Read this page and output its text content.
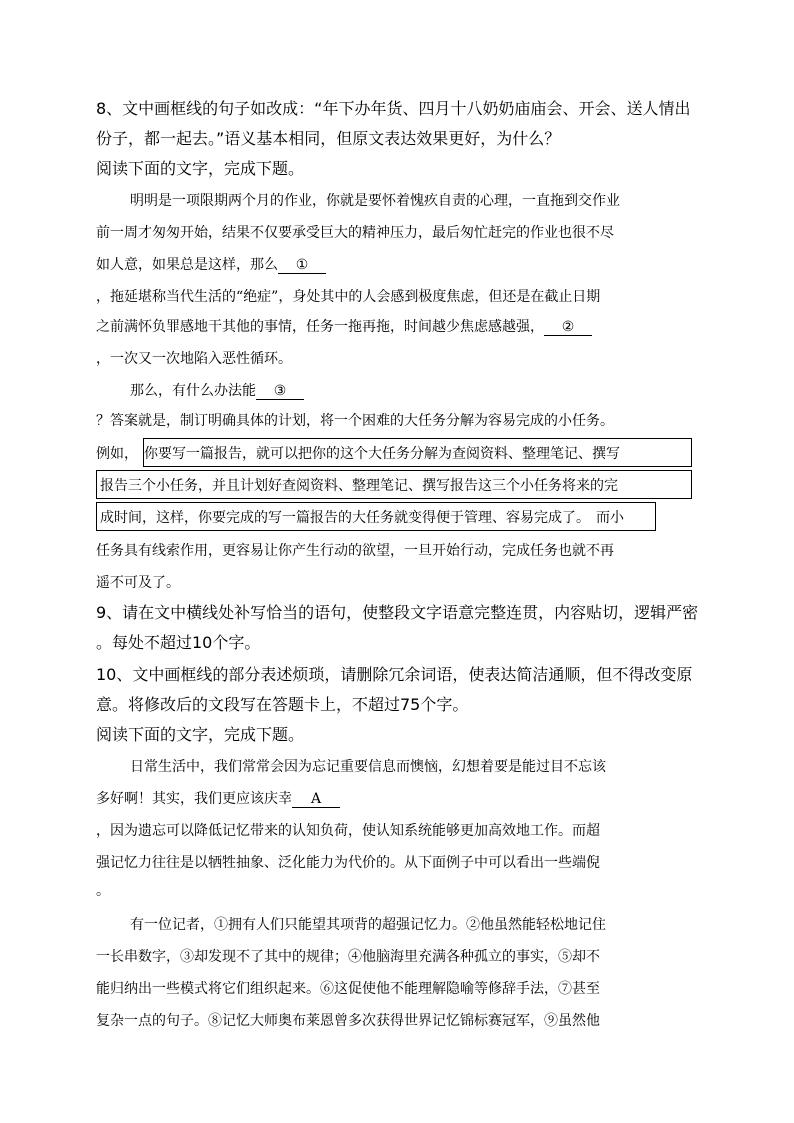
8、文中画框线的句子如改成：“年下办年货、四月十八奶奶庙庙会、开会、送人情出
份子，都一起去。”语义基本相同，但原文表达效果更好，为什么？
阅读下面的文字，完成下题。
明明是一项限期两个月的作业，你就是要怀着愧疚自责的心理，一直拖到交作业
前一周才匆匆开始，结果不仅要承受巨大的精神压力，最后匆忙赶完的作业也很不尽
如人意，如果总是这样，那么 ①
，拖延堪称当代生活的“绝症”，身处其中的人会感到极度焦虑，但还是在截止日期
之前满怀负罪感地干其他的事情，任务一拖再拖，时间越少焦虑感越强， ②
，一次又一次地陷入恶性循环。
那么，有什么办法能 ③
？答案就是，制订明确具体的计划，将一个困难的大任务分解为容易完成的小任务。
例如， 你要写一篇报告，就可以把你的这个大任务分解为查阅资料、整理笔记、撰写
报告三个小任务，并且计划好查阅资料、整理笔记、撰写报告这三个小任务将来的完
成时间，这样，你要完成的写一篇报告的大任务就变得便于管理、容易完成了。 而小
任务具有线索作用，更容易让你产生行动的欲望，一旦开始行动，完成任务也就不再
遥不可及了。
9、请在文中横线处补写恰当的语句，使整段文字语意完整连贯，内容贴切，逻辑严密
。每处不超过10个字。
10、文中画框线的部分表述烦琐，请删除冗余词语，使表达简洁通顺，但不得改变原
意。将修改后的文段写在答题卡上，不超过75个字。
阅读下面的文字，完成下题。
日常生活中，我们常常会因为忘记重要信息而懊恼，幻想着要是能过目不忘该
多好啊！其实，我们更应该庆幸 A
，因为遗忘可以降低记忆带来的认知负荷，使认知系统能够更加高效地工作。而超
强记忆力往往是以牺牲抽象、泛化能力为代价的。从下面例子中可以看出一些端倪
。
有一位记者，①拥有人们只能望其项背的超强记忆力。②他虽然能轻松地记住
一长串数字，③却发现不了其中的规律；④他脑海里充满各种孤立的事实，⑤却不
能归纳出一些模式将它们组织起来。⑥这促使他不能理解隐喻等修辞手法，⑦甚至
复杂一点的句子。⑧记忆大师奥布莱恩曾多次获得世界记忆锦标赛冠军，⑨虽然他
